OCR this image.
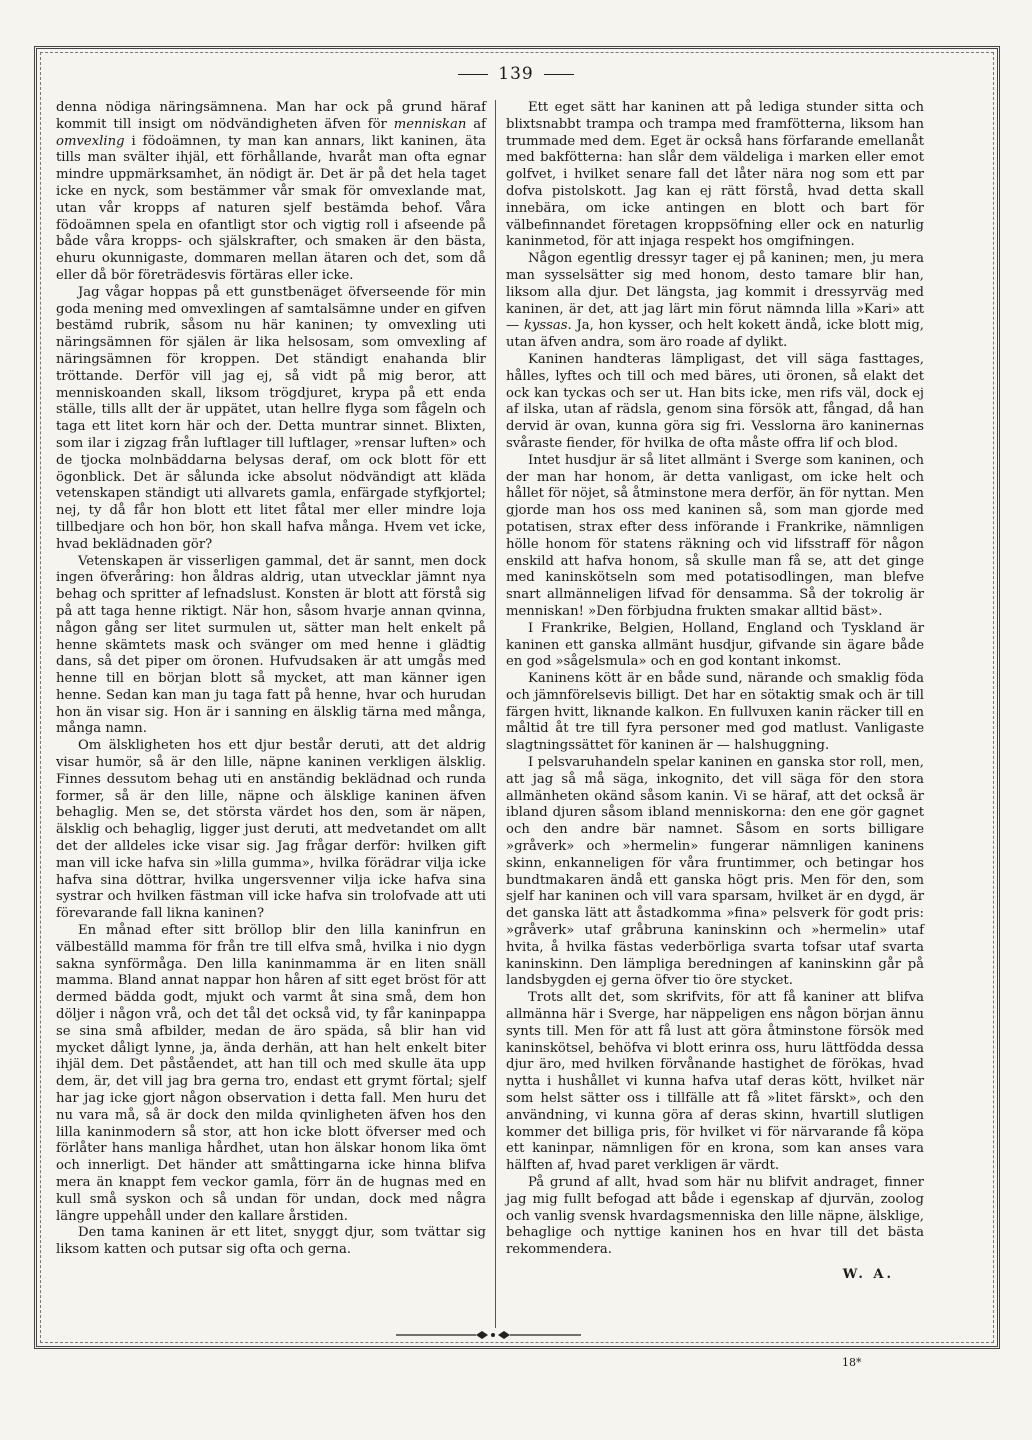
139

denna nödiga näringsämnena. Man har ock på grund häraf kommit till insigt om nödvändigheten äfven för menniskan af omvexling i födoämnen, ty man kan annars, likt kaninen, äta tills man svälter ihjäl, ett förhållande, hvaråt man ofta egnar mindre uppmärksamhet, än nödigt är. Det är på det hela taget icke en nyck, som bestämmer vår smak för omvexlande mat, utan vår kropps af naturen sjelf bestämda behof. Våra födoämnen spela en ofantligt stor och vigtig roll i afseende på både våra kropps- och själskrafter, och smaken är den bästa, ehuru okunnigaste, dommaren mellan ätaren och det, som då eller då bör företrädesvis förtäras eller icke.

Jag vågar hoppas på ett gunstbenäget öfverseende för min goda mening med omvexlingen af samtalsämne under en gifven bestämd rubrik, såsom nu här kaninen; ty omvexling uti näringsämnen för själen är lika helsosam, som omvexling af näringsämnen för kroppen. Det ständigt enahanda blir tröttande. Derför vill jag ej, så vidt på mig beror, att menniskoanden skall, liksom trögdjuret, krypa på ett enda ställe, tills allt der är uppätet, utan hellre flyga som fågeln och taga ett litet korn här och der. Detta muntrar sinnet. Blixten, som ilar i zigzag från luftlager till luftlager, »rensar luften» och de tjocka molnbäddarna belysas deraf, om ock blott för ett ögonblick. Det är sålunda icke absolut nödvändigt att kläda vetenskapen ständigt uti allvarets gamla, enfärgade styfkjortel; nej, ty då får hon blott ett litet fåtal mer eller mindre loja tillbedjare och hon bör, hon skall hafva många. Hvem vet icke, hvad beklädnaden gör?

Vetenskapen är visserligen gammal, det är sannt, men dock ingen öfveråring: hon åldras aldrig, utan utvecklar jämnt nya behag och spritter af lefnadslust. Konsten är blott att förstå sig på att taga henne riktigt. När hon, såsom hvarje annan qvinna, någon gång ser litet surmulen ut, sätter man helt enkelt på henne skämtets mask och svänger om med henne i glädtig dans, så det piper om öronen. Hufvudsaken är att umgås med henne till en början blott så mycket, att man känner igen henne. Sedan kan man ju taga fatt på henne, hvar och hurudan hon än visar sig. Hon är i sanning en älsklig tärna med många, många namn.

Om älskligheten hos ett djur består deruti, att det aldrig visar humör, så är den lille, näpne kaninen verkligen älsklig. Finnes dessutom behag uti en anständig beklädnad och runda former, så är den lille, näpne och älsklige kaninen äfven behaglig. Men se, det största värdet hos den, som är näpen, älsklig och behaglig, ligger just deruti, att medvetandet om allt det der alldeles icke visar sig. Jag frågar derför: hvilken gift man vill icke hafva sin »lilla gumma», hvilka förädrar vilja icke hafva sina döttrar, hvilka ungersvenner vilja icke hafva sina systrar och hvilken fästman vill icke hafva sin trolofvade att uti förevarande fall likna kaninen?

En månad efter sitt bröllop blir den lilla kaninfrun en välbeställd mamma för från tre till elfva små, hvilka i nio dygn sakna synförmåga. Den lilla kaninmamma är en liten snäll mamma. Bland annat nappar hon håren af sitt eget bröst för att dermed bädda godt, mjukt och varmt åt sina små, dem hon döljer i någon vrå, och det tål det också vid, ty får kaninpappa se sina små afbilder, medan de äro späda, så blir han vid mycket dåligt lynne, ja, ända derhän, att han helt enkelt biter ihjäl dem. Det påståendet, att han till och med skulle äta upp dem, är, det vill jag bra gerna tro, endast ett grymt förtal; sjelf har jag icke gjort någon observation i detta fall. Men huru det nu vara må, så är dock den milda qvinligheten äfven hos den lilla kaninmodern så stor, att hon icke blott öfverser med och förlåter hans manliga hårdhet, utan hon älskar honom lika ömt och innerligt. Det händer att småttingarna icke hinna blifva mera än knappt fem veckor gamla, förr än de hugnas med en kull små syskon och så undan för undan, dock med några längre uppehåll under den kallare årstiden.

Den tama kaninen är ett litet, snyggt djur, som tvättar sig liksom katten och putsar sig ofta och gerna.

Ett eget sätt har kaninen att på lediga stunder sitta och blixtsnabbt trampa och trampa med framfötterna, liksom han trummade med dem. Eget är också hans förfarande emellanåt med bakfötterna: han slår dem väldeliga i marken eller emot golfvet, i hvilket senare fall det låter nära nog som ett par dofva pistolskott. Jag kan ej rätt förstå, hvad detta skall innebära, om icke antingen en blott och bart för välbefinnandet företagen kroppsöfning eller ock en naturlig kaninmetod, för att injaga respekt hos omgifningen.

Någon egentlig dressyr tager ej på kaninen; men, ju mera man sysselsätter sig med honom, desto tamare blir han, liksom alla djur. Det längsta, jag kommit i dressyrväg med kaninen, är det, att jag lärt min förut nämnda lilla »Kari» att — kyssas. Ja, hon kysser, och helt kokett ändå, icke blott mig, utan äfven andra, som äro roade af dylikt.

Kaninen handteras lämpligast, det vill säga fasttages, hålles, lyftes och till och med bäres, uti öronen, så elakt det ock kan tyckas och ser ut. Han bits icke, men rifs väl, dock ej af ilska, utan af rädsla, genom sina försök att, fångad, då han dervid är ovan, kunna göra sig fri. Vesslorna äro kaninernas svåraste fiender, för hvilka de ofta måste offra lif och blod.

Intet husdjur är så litet allmänt i Sverge som kaninen, och der man har honom, är detta vanligast, om icke helt och hållet för nöjet, så åtminstone mera derför, än för nyttan. Men gjorde man hos oss med kaninen så, som man gjorde med potatisen, strax efter dess införande i Frankrike, nämnligen hölle honom för statens räkning och vid lifsstraff för någon enskild att hafva honom, så skulle man få se, att det ginge med kaninskötseln som med potatisodlingen, man blefve snart allmänneligen lifvad för densamma. Så der tokrolig är menniskan! »Den förbjudna frukten smakar alltid bäst».

I Frankrike, Belgien, Holland, England och Tyskland är kaninen ett ganska allmänt husdjur, gifvande sin ägare både en god »sågelsmula» och en god kontant inkomst.

Kaninens kött är en både sund, närande och smaklig föda och jämnförelsevis billigt. Det har en sötaktig smak och är till färgen hvitt, liknande kalkon. En fullvuxen kanin räcker till en måltid åt tre till fyra personer med god matlust. Vanligaste slagtningssättet för kaninen är — halshuggning.

I pelsvaruhandeln spelar kaninen en ganska stor roll, men, att jag så må säga, inkognito, det vill säga för den stora allmänheten okänd såsom kanin. Vi se häraf, att det också är ibland djuren såsom ibland menniskorna: den ene gör gagnet och den andre bär namnet. Såsom en sorts billigare »gråverk» och »hermelin» fungerar nämnligen kaninens skinn, enkanneligen för våra fruntimmer, och betingar hos bundtmakaren ändå ett ganska högt pris. Men för den, som sjelf har kaninen och vill vara sparsam, hvilket är en dygd, är det ganska lätt att åstadkomma »fina» pelsverk för godt pris: »gråverk» utaf gråbruna kaninskinn och »hermelin» utaf hvita, å hvilka fästas vederbörliga svarta tofsar utaf svarta kaninskinn. Den lämpliga beredningen af kaninskinn går på landsbygden ej gerna öfver tio öre stycket.

Trots allt det, som skrifvits, för att få kaniner att blifva allmänna här i Sverge, har näppeligen ens någon början ännu synts till. Men för att få lust att göra åtminstone försök med kaninskötsel, behöfva vi blott erinra oss, huru lättfödda dessa djur äro, med hvilken förvånande hastighet de förökas, hvad nytta i hushållet vi kunna hafva utaf deras kött, hvilket när som helst sätter oss i tillfälle att få »litet färskt», och den användning, vi kunna göra af deras skinn, hvartill slutligen kommer det billiga pris, för hvilket vi för närvarande få köpa ett kaninpar, nämnligen för en krona, som kan anses vara hälften af, hvad paret verkligen är värdt.

På grund af allt, hvad som här nu blifvit andraget, finner jag mig fullt befogad att både i egenskap af djurvän, zoolog och vanlig svensk hvardagsmenniska den lille näpne, älsklige, behaglige och nyttige kaninen hos en hvar till det bästa rekommendera.

W. A.
18*
